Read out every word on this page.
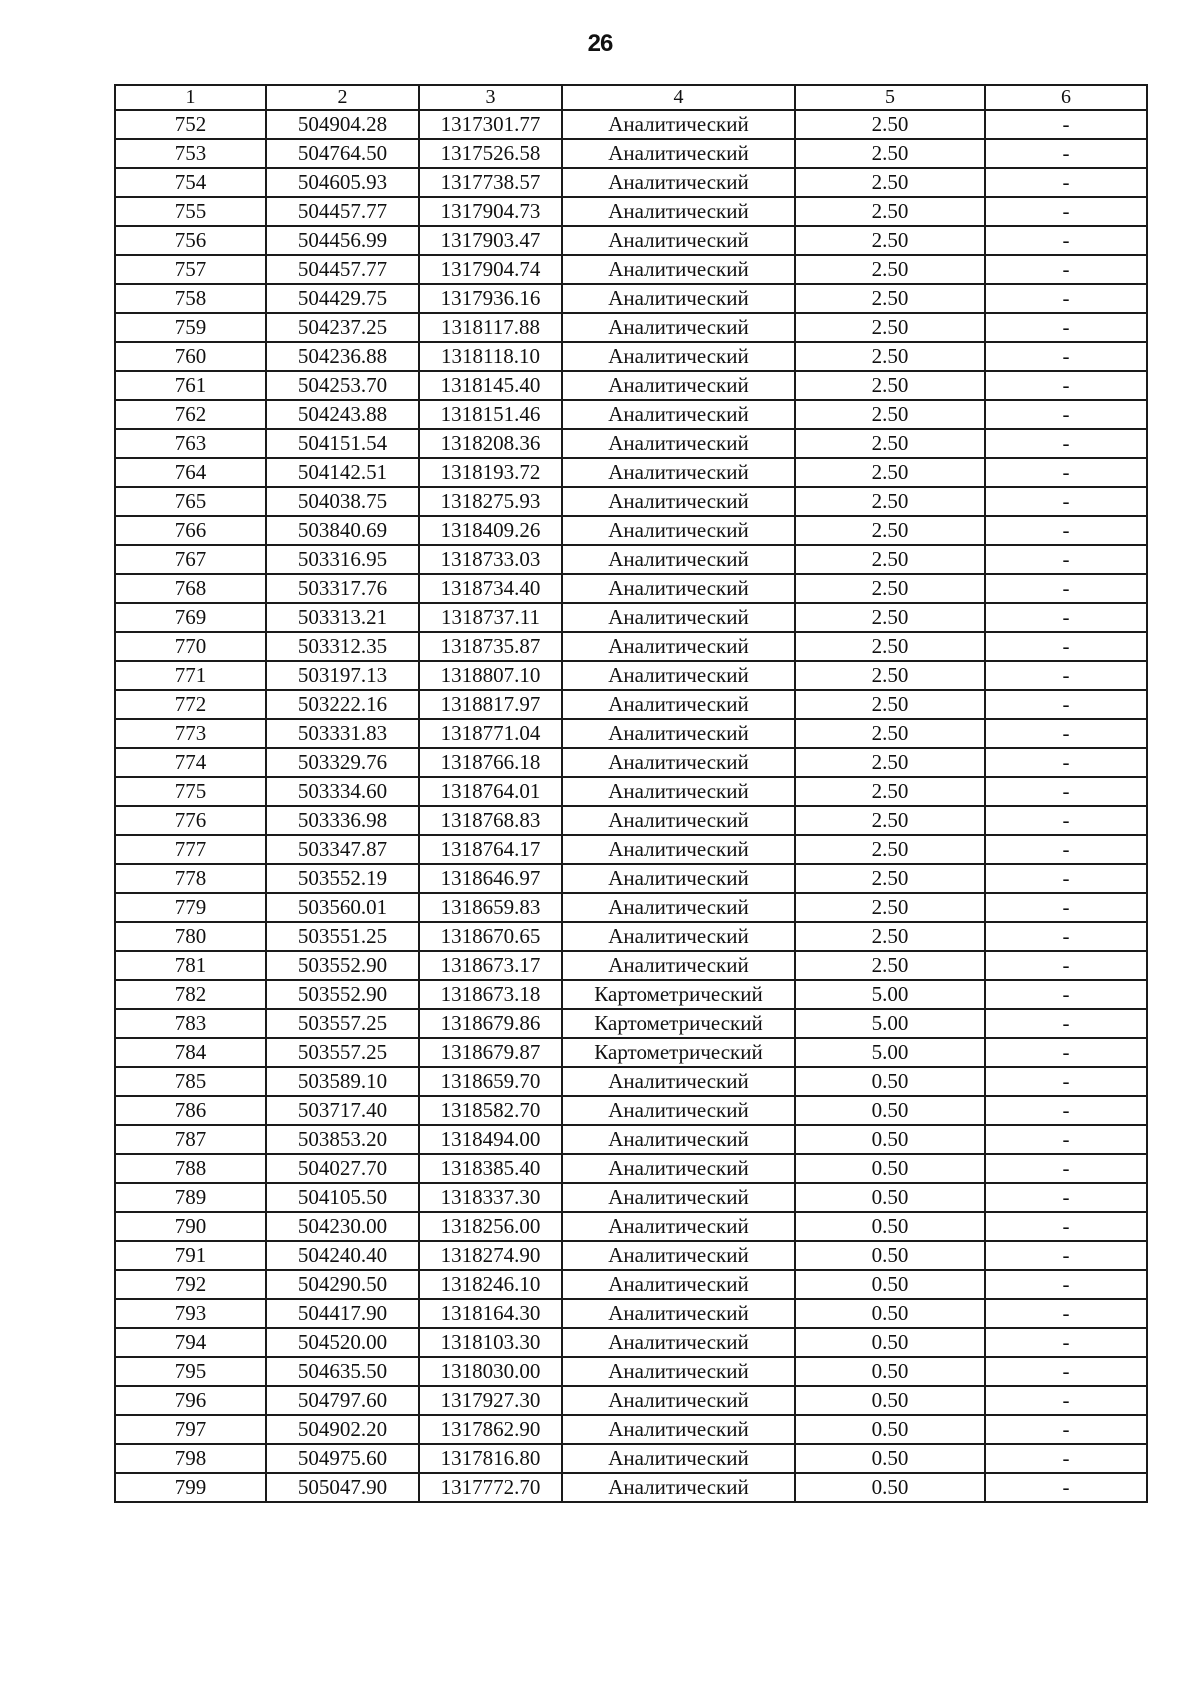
26
1	2	3	4	5	6
752	504904.28	1317301.77	Аналитический	2.50	-
753	504764.50	1317526.58	Аналитический	2.50	-
754	504605.93	1317738.57	Аналитический	2.50	-
755	504457.77	1317904.73	Аналитический	2.50	-
756	504456.99	1317903.47	Аналитический	2.50	-
757	504457.77	1317904.74	Аналитический	2.50	-
758	504429.75	1317936.16	Аналитический	2.50	-
759	504237.25	1318117.88	Аналитический	2.50	-
760	504236.88	1318118.10	Аналитический	2.50	-
761	504253.70	1318145.40	Аналитический	2.50	-
762	504243.88	1318151.46	Аналитический	2.50	-
763	504151.54	1318208.36	Аналитический	2.50	-
764	504142.51	1318193.72	Аналитический	2.50	-
765	504038.75	1318275.93	Аналитический	2.50	-
766	503840.69	1318409.26	Аналитический	2.50	-
767	503316.95	1318733.03	Аналитический	2.50	-
768	503317.76	1318734.40	Аналитический	2.50	-
769	503313.21	1318737.11	Аналитический	2.50	-
770	503312.35	1318735.87	Аналитический	2.50	-
771	503197.13	1318807.10	Аналитический	2.50	-
772	503222.16	1318817.97	Аналитический	2.50	-
773	503331.83	1318771.04	Аналитический	2.50	-
774	503329.76	1318766.18	Аналитический	2.50	-
775	503334.60	1318764.01	Аналитический	2.50	-
776	503336.98	1318768.83	Аналитический	2.50	-
777	503347.87	1318764.17	Аналитический	2.50	-
778	503552.19	1318646.97	Аналитический	2.50	-
779	503560.01	1318659.83	Аналитический	2.50	-
780	503551.25	1318670.65	Аналитический	2.50	-
781	503552.90	1318673.17	Аналитический	2.50	-
782	503552.90	1318673.18	Картометрический	5.00	-
783	503557.25	1318679.86	Картометрический	5.00	-
784	503557.25	1318679.87	Картометрический	5.00	-
785	503589.10	1318659.70	Аналитический	0.50	-
786	503717.40	1318582.70	Аналитический	0.50	-
787	503853.20	1318494.00	Аналитический	0.50	-
788	504027.70	1318385.40	Аналитический	0.50	-
789	504105.50	1318337.30	Аналитический	0.50	-
790	504230.00	1318256.00	Аналитический	0.50	-
791	504240.40	1318274.90	Аналитический	0.50	-
792	504290.50	1318246.10	Аналитический	0.50	-
793	504417.90	1318164.30	Аналитический	0.50	-
794	504520.00	1318103.30	Аналитический	0.50	-
795	504635.50	1318030.00	Аналитический	0.50	-
796	504797.60	1317927.30	Аналитический	0.50	-
797	504902.20	1317862.90	Аналитический	0.50	-
798	504975.60	1317816.80	Аналитический	0.50	-
799	505047.90	1317772.70	Аналитический	0.50	-
